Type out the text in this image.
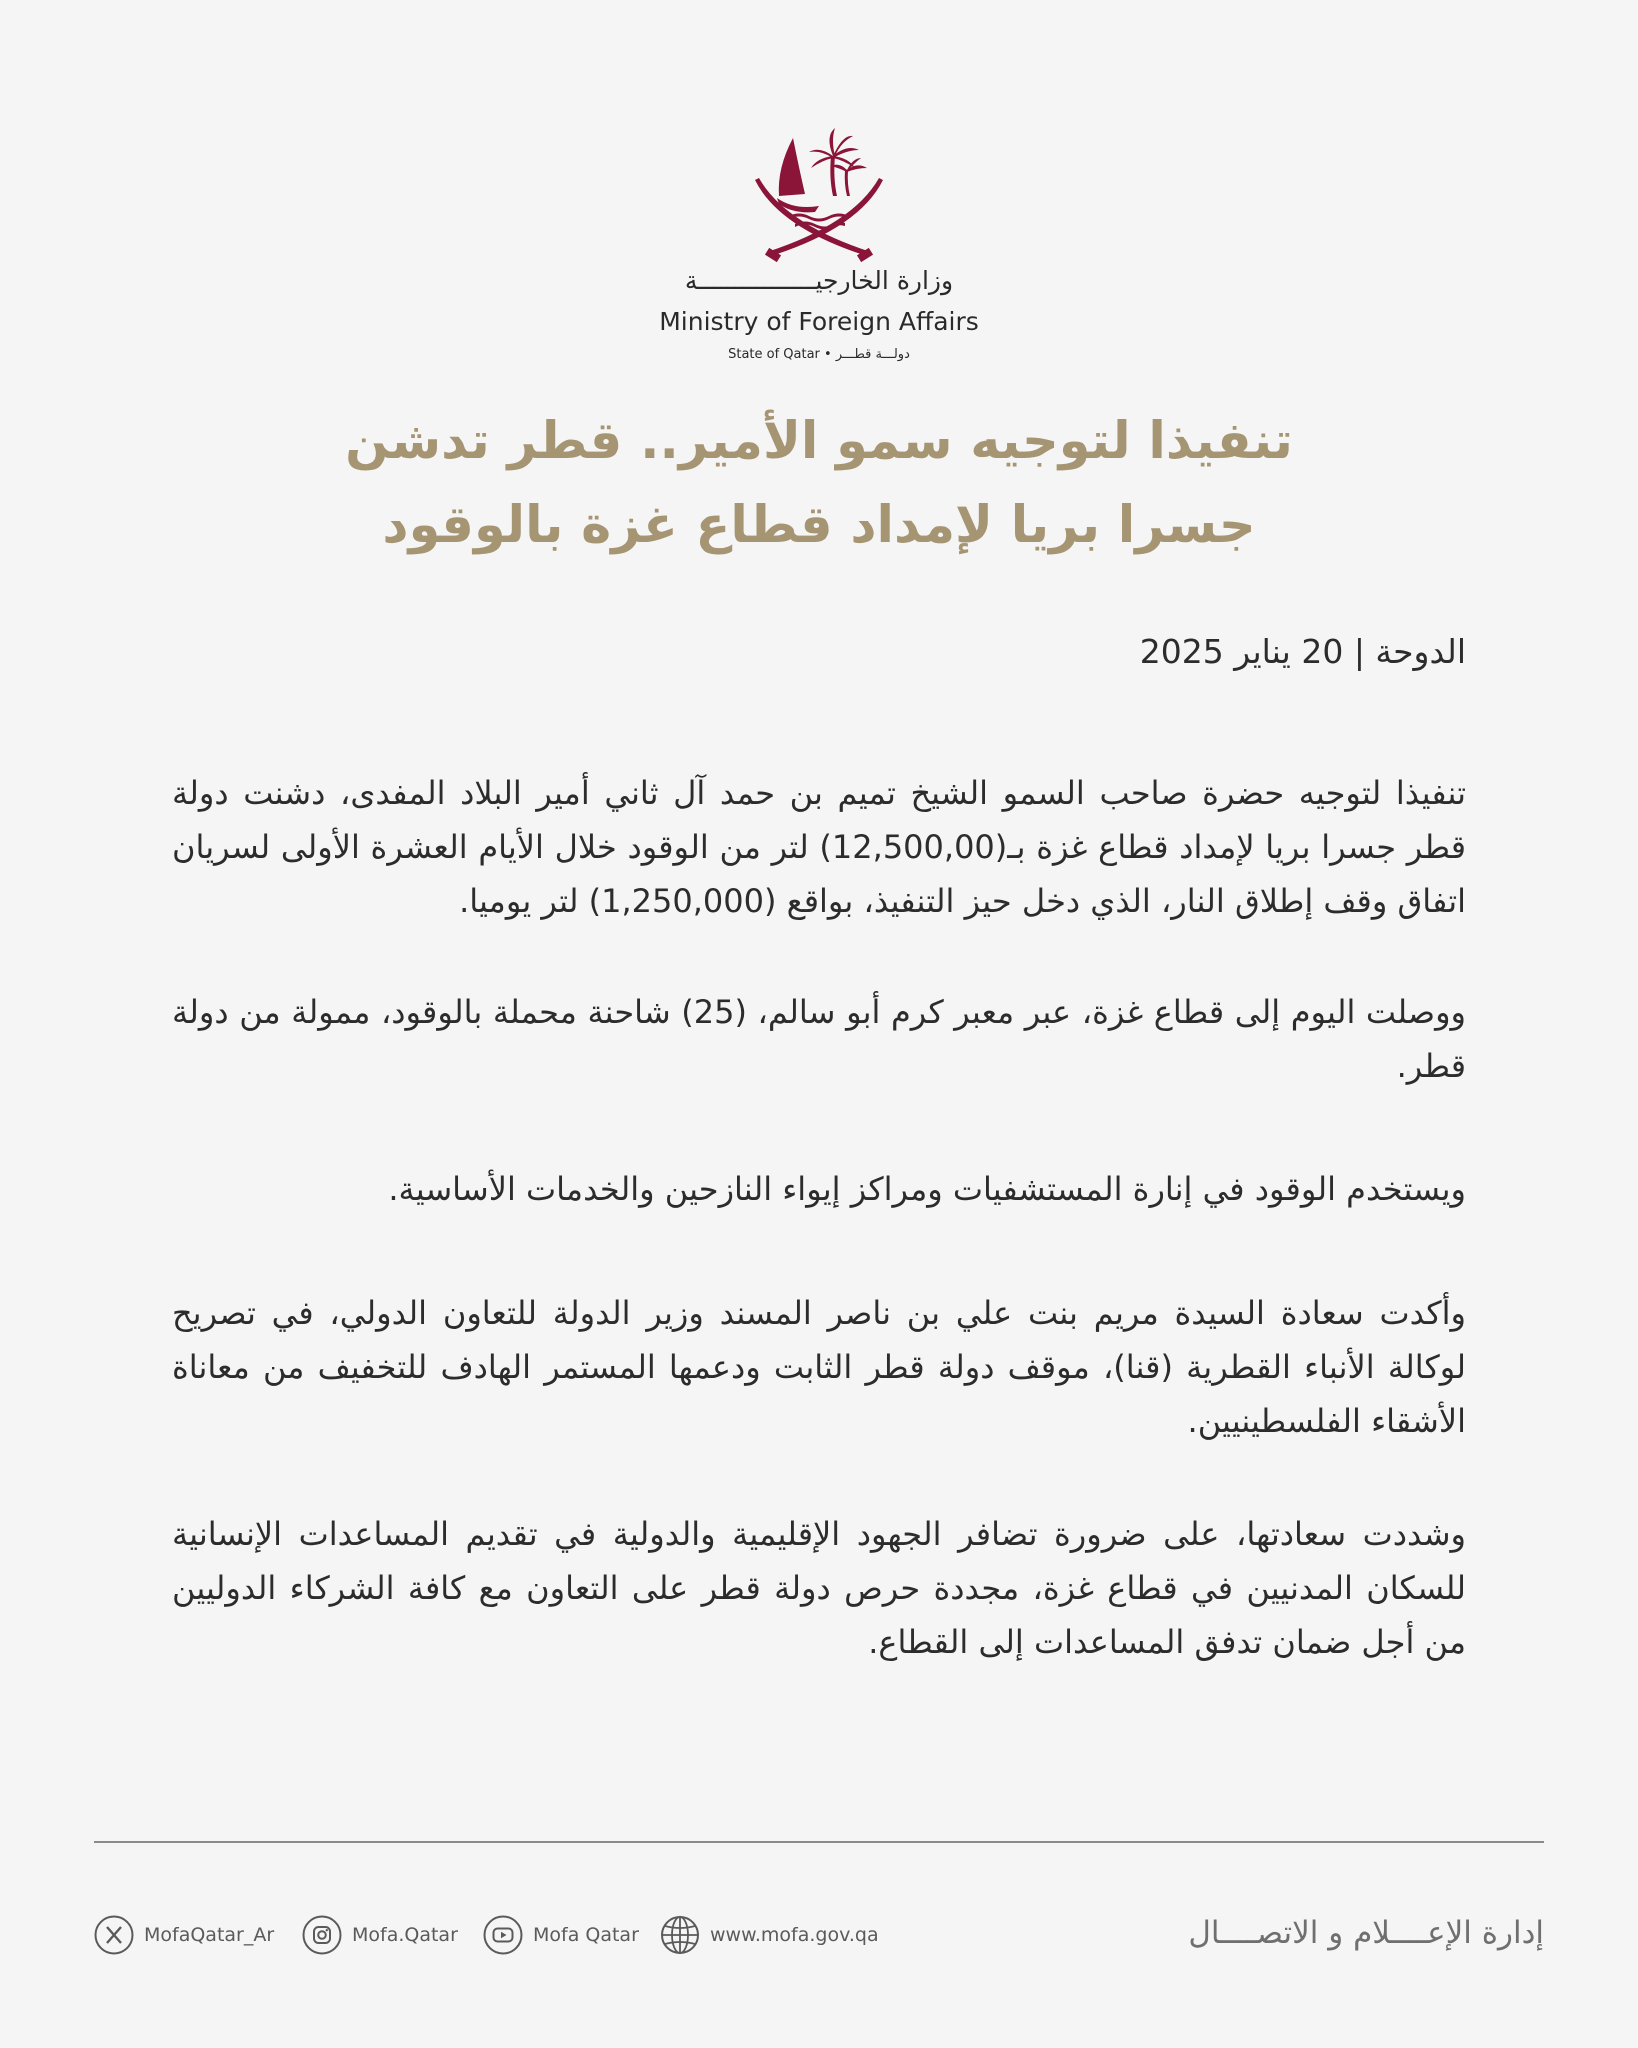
وزارة الخارجيــــــــــــــــة
Ministry of Foreign Affairs
State of Qatar • دولـــة قطـــر
تنفيذا لتوجيه سمو الأمير.. قطر تدشن
جسرا بريا لإمداد قطاع غزة بالوقود
الدوحة | 20 يناير 2025
تنفيذا لتوجيه حضرة صاحب السمو الشيخ تميم بن حمد آل ثاني أمير البلاد المفدى، دشنت دولة قطر جسرا بريا لإمداد قطاع غزة بـ(12,500,00) لتر من الوقود خلال الأيام العشرة الأولى لسريان اتفاق وقف إطلاق النار، الذي دخل حيز التنفيذ، بواقع (1,250,000) لتر يوميا.
ووصلت اليوم إلى قطاع غزة، عبر معبر كرم أبو سالم، (25) شاحنة محملة بالوقود، ممولة من دولة قطر.
ويستخدم الوقود في إنارة المستشفيات ومراكز إيواء النازحين والخدمات الأساسية.
وأكدت سعادة السيدة مريم بنت علي بن ناصر المسند وزير الدولة للتعاون الدولي، في تصريح لوكالة الأنباء القطرية (قنا)، موقف دولة قطر الثابت ودعمها المستمر الهادف للتخفيف من معاناة الأشقاء الفلسطينيين.
وشددت سعادتها، على ضرورة تضافر الجهود الإقليمية والدولية في تقديم المساعدات الإنسانية للسكان المدنيين في قطاع غزة، مجددة حرص دولة قطر على التعاون مع كافة الشركاء الدوليين من أجل ضمان تدفق المساعدات إلى القطاع.
إدارة الإعــــلام و الاتصــــال
MofaQatar_Ar	Mofa.Qatar	Mofa Qatar	www.mofa.gov.qa
